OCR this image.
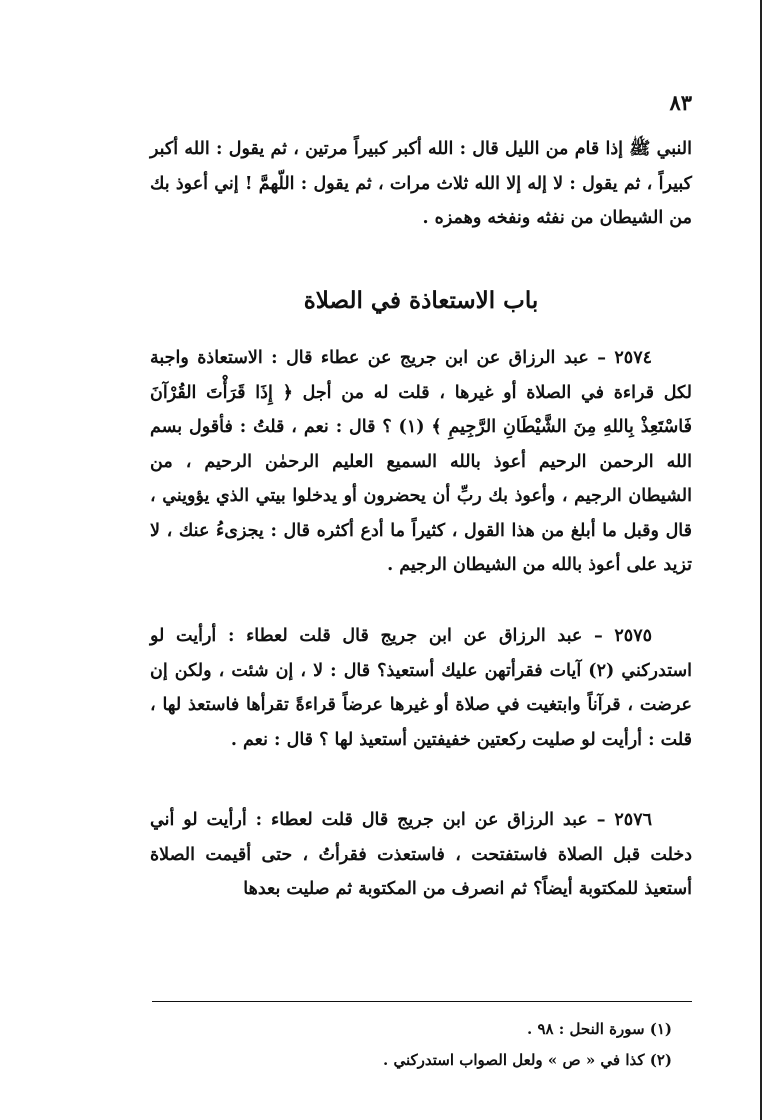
٨٣

النبي ﷺ إذا قام من الليل قال : الله أكبر كبيراً مرتين ، ثم يقول : الله أكبر كبيراً ، ثم يقول : لا إله إلا الله ثلاث مرات ، ثم يقول : اللّهمَّ ! إني أعوذ بك من الشيطان من نفثه ونفخه وهمزه .

باب الاستعاذة في الصلاة

٢٥٧٤ – عبد الرزاق عن ابن جريج عن عطاء قال : الاستعاذة واجبة لكل قراءة في الصلاة أو غيرها ، قلت له من أجل ﴿ إِذَا قَرَأْتَ القُرْآنَ فَاسْتَعِذْ بِاللهِ مِنَ الشَّيْطَانِ الرَّجِيمِ ﴾ (١) ؟ قال : نعم ، قلتُ : فأقول بسم الله الرحمن الرحيم أعوذ بالله السميع العليم الرحمٰن الرحيم ، من الشيطان الرجيم ، وأعوذ بك ربِّ أن يحضرون أو يدخلوا بيتي الذي يؤويني ، قال وقبل ما أبلغ من هذا القول ، كثيراً ما أدع أكثره قال : يجزىءُ عنك ، لا تزيد على أعوذ بالله من الشيطان الرجيم .

٢٥٧٥ – عبد الرزاق عن ابن جريج قال قلت لعطاء : أرأيت لو استدركني (٢) آيات فقرأتهن عليك أستعيذ؟ قال : لا ، إن شئت ، ولكن إن عرضت ، قرآناً وابتغيت في صلاة أو غيرها عرضاً قراءةً تقرأها فاستعذ لها ، قلت : أرأيت لو صليت ركعتين خفيفتين أستعيذ لها ؟ قال : نعم .

٢٥٧٦ – عبد الرزاق عن ابن جريج قال قلت لعطاء : أرأيت لو أني دخلت قبل الصلاة فاستفتحت ، فاستعذت فقرأتُ ، حتى أقيمت الصلاة أستعيذ للمكتوبة أيضاً؟ ثم انصرف من المكتوبة ثم صليت بعدها

(١) سورة النحل : ٩٨ .
(٢) كذا في « ص » ولعل الصواب استدركني .
